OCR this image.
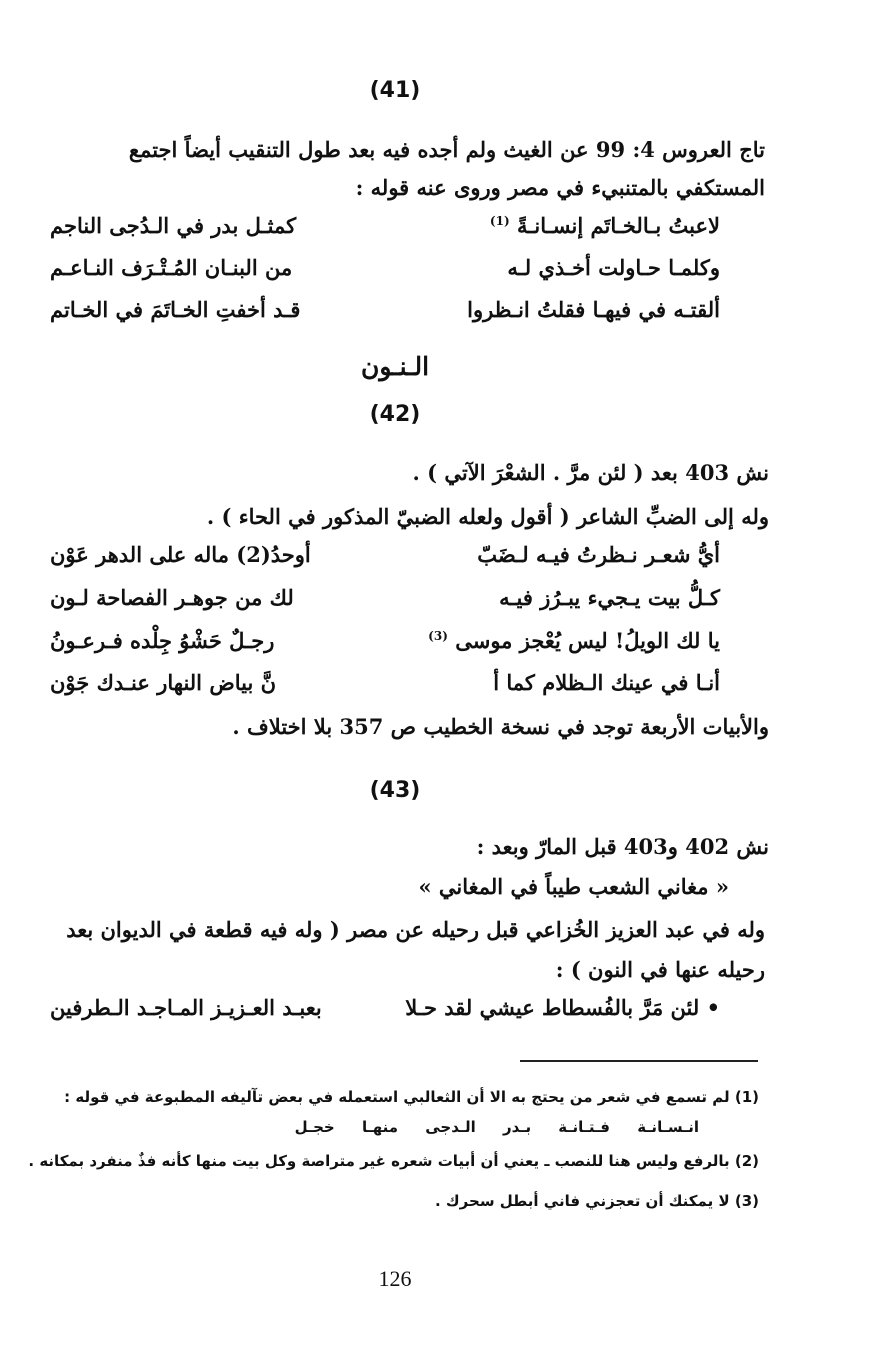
(41)
تاج العروس 4: 99 عن الغيث ولم أجده فيه بعد طول التنقيب أيضاً اجتمع
المستكفي بالمتنبيء في مصر وروى عنه قوله :
لاعبتُ بـالخـاتَم إنسـانـةً $^{(1)}$
كمثـل بدر في الـدُجى الناجم
وكلمـا حـاولت أخـذي لـه
من البنـان المُـتْـرَف النـاعـم
ألقتـه في فيهـا فقلتُ انـظروا
قـد أخفتِ الخـاتَمَ في الخـاتم
الـنـون
(42)
نش 403 بعد ( لئن مرَّ . الشعْرَ الآتي ) .
وله إلى الضبِّ الشاعر ( أقول ولعله الضبيّ المذكور في الحاء ) .
أيُّ شعـر نـظرتُ فيـه لـضَبّ
أوحدُ(2) ماله على الدهر عَوْن
كـلُّ بيت يـجيء يبـرُز فيـه
لك من جوهـر الفصاحة لـون
يا لك الويلُ! ليس يُعْجز موسى $^{(3)}$
رجـلٌ حَشْوُ جِلْده فـرعـونُ
أنـا في عينك الـظلام كما أ
نَّ بياض النهار عنـدك جَوْن
والأبيات الأربعة توجد في نسخة الخطيب ص 357 بلا اختلاف .
(43)
نش 402 و403 قبل المارّ وبعد :
« مغاني الشعب طيباً في المغاني »
وله في عبد العزيز الخُزاعي قبل رحيله عن مصر ( وله فيه قطعة في الديوان بعد
رحيله عنها في النون ) :
• لئن مَرَّ بالفُسطاط عيشي لقد حـلا
بعبـد العـزيـز المـاجـد الـطرفين
(1) لم تسمع في شعر من يحتج به الا أن الثعالبي استعمله في بعض تآليفه المطبوعة في قوله :
انـسـانـة فـتـانـة بـدر الـدجى منهـا خجـل
(2) بالرفع وليس هنا للنصب ـ يعني أن أبيات شعره غير متراصة وكل بيت منها كأنه فذٌ منفرد بمكانه .
(3) لا يمكنك أن تعجزني فاني أبطل سحرك .
126
